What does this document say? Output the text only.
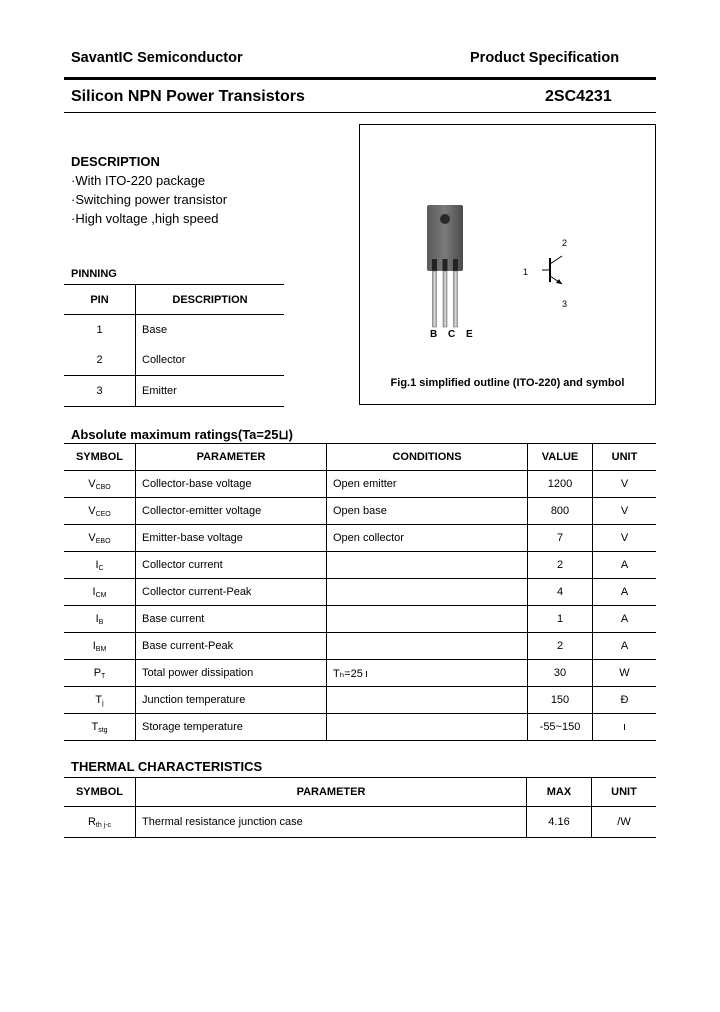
SavantIC Semiconductor	Product Specification
Silicon NPN Power Transistors	2SC4231
DESCRIPTION
·With ITO-220 package
·Switching power transistor
·High voltage ,high speed
PINNING
PIN	DESCRIPTION
1	Base
2	Collector
3	Emitter
B C E
1
2
3
Fig.1 simplified outline (ITO-220) and symbol
Absolute maximum ratings(Ta=25⊔)
SYMBOL	PARAMETER	CONDITIONS	VALUE	UNIT
$V_{CBO}$	Collector-base voltage	Open emitter	1200	V
$V_{CEO}$	Collector-emitter voltage	Open base	800	V
$V_{EBO}$	Emitter-base voltage	Open collector	7	V
$I_C$	Collector current		2	A
$I_{CM}$	Collector current-Peak		4	A
$I_B$	Base current		1	A
$I_{BM}$	Base current-Peak		2	A
$P_T$	Total power dissipation	Tₕ=25 ı	30	W
$T_j$	Junction temperature		150	Đ
$T_{stg}$	Storage temperature		-55~150	ı
THERMAL CHARACTERISTICS
SYMBOL	PARAMETER	MAX	UNIT
$R_{th j-c}$	Thermal resistance junction case	4.16	/W
